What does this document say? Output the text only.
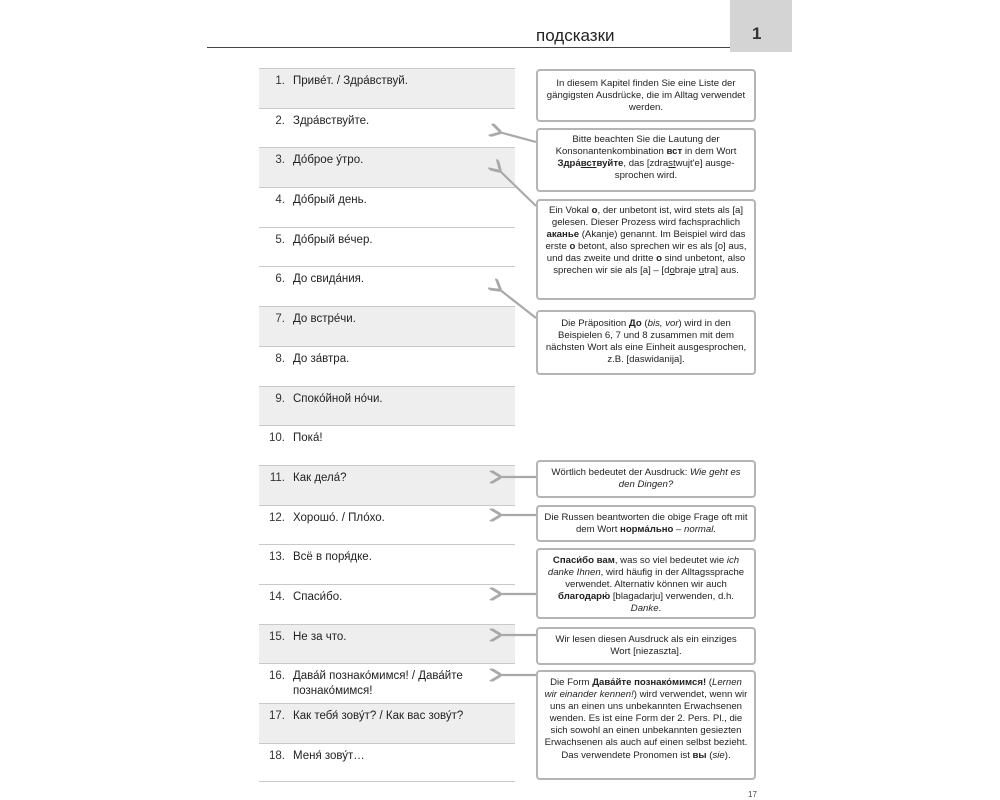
1
подсказки
1. Приве́т. / Здра́вствуй.
2. Здра́вствуйте.
3. До́брое у́тро.
4. До́брый день.
5. До́брый ве́чер.
6. До свида́ния.
7. До встре́чи.
8. До за́втра.
9. Споко́йной но́чи.
10. Пока́!
11. Как дела́?
12. Хорошо́. / Пло́хо.
13. Всё в поря́дке.
14. Спаси́бо.
15. Не за что.
16. Дава́й познако́мимся! / Дава́йте познако́мимся!
17. Как тебя́ зову́т? / Как вас зову́т?
18. Меня́ зову́т…
In diesem Kapitel finden Sie eine Liste der gängigsten Ausdrücke, die im Alltag verwendet werden.
Bitte beachten Sie die Lautung der Konsonantenkombination вст in dem Wort Здра́вствуйте, das [zdrastwujt'e] ausgesprochen wird.
Ein Vokal o, der unbetont ist, wird stets als [a] gelesen. Dieser Prozess wird fachsprachlich аканье (Akanje) genannt. Im Beispiel wird das erste o betont, also sprechen wir es als [o] aus, und das zweite und dritte o sind unbetont, also sprechen wir sie als [a] – [dobraje utra] aus.
Die Präposition До (bis, vor) wird in den Beispielen 6, 7 und 8 zusammen mit dem nächsten Wort als eine Einheit ausgesprochen, z.B. [daswidanija].
Wörtlich bedeutet der Ausdruck: Wie geht es den Dingen?
Die Russen beantworten die obige Frage oft mit dem Wort норма́льно – normal.
Спаси́бо вам, was so viel bedeutet wie ich danke Ihnen, wird häufig in der Alltagssprache verwendet. Alternativ können wir auch благодарю́ [blagadarju] verwenden, d.h. Danke.
Wir lesen diesen Ausdruck als ein einziges Wort [niezaszta].
Die Form Дава́йте познако́мимся! (Lernen wir einander kennen!) wird verwendet, wenn wir uns an einen uns unbekannten Erwachsenen wenden. Es ist eine Form der 2. Pers. Pl., die sich sowohl an einen unbekannten gesiezten Erwachsenen als auch auf einen selbst bezieht. Das verwendete Pronomen ist вы (sie).
17
